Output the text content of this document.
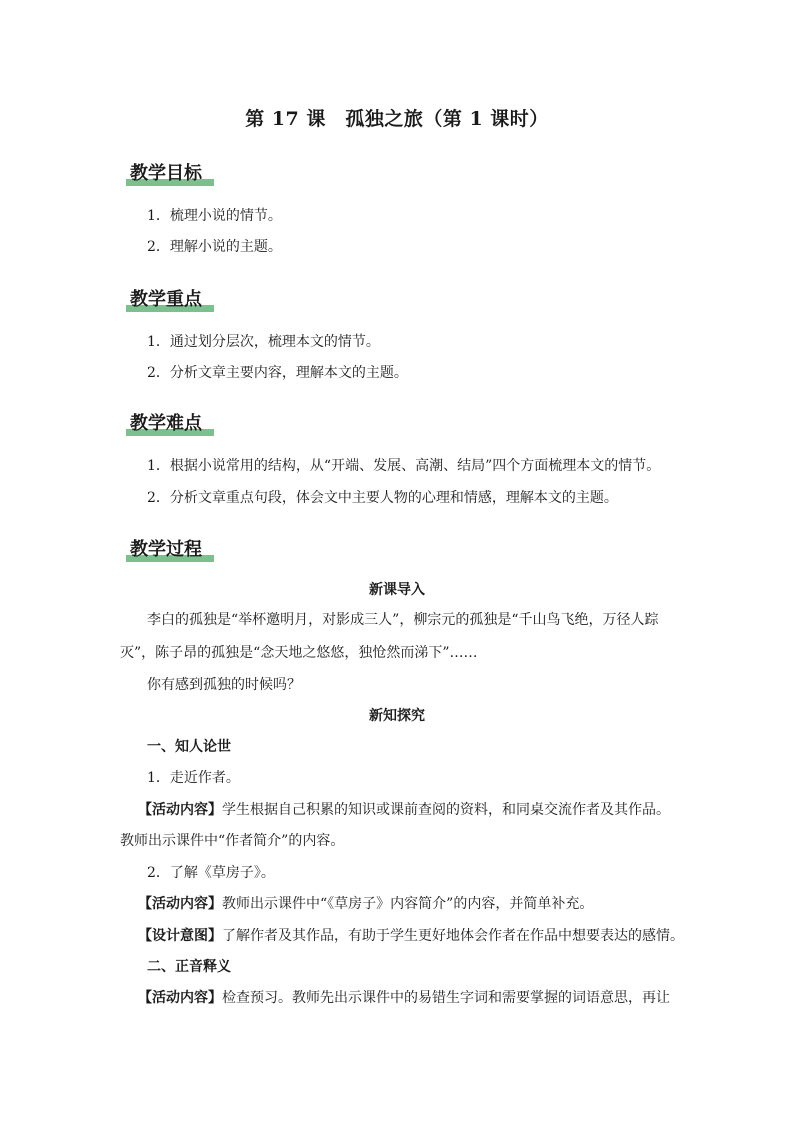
第 17 课　孤独之旅（第 1 课时）
教学目标
1．梳理小说的情节。
2．理解小说的主题。
教学重点
1．通过划分层次，梳理本文的情节。
2．分析文章主要内容，理解本文的主题。
教学难点
1．根据小说常用的结构，从“开端、发展、高潮、结局”四个方面梳理本文的情节。
2．分析文章重点句段，体会文中主要人物的心理和情感，理解本文的主题。
教学过程
新课导入
李白的孤独是“举杯邀明月，对影成三人”，柳宗元的孤独是“千山鸟飞绝，万径人踪
灭”，陈子昂的孤独是“念天地之悠悠，独怆然而涕下”……
你有感到孤独的时候吗？
新知探究
一、知人论世
1．走近作者。
【活动内容】学生根据自己积累的知识或课前查阅的资料，和同桌交流作者及其作品。
教师出示课件中“作者简介”的内容。
2．了解《草房子》。
【活动内容】教师出示课件中“《草房子》内容简介”的内容，并简单补充。
【设计意图】了解作者及其作品，有助于学生更好地体会作者在作品中想要表达的感情。
二、正音释义
【活动内容】检查预习。教师先出示课件中的易错生字词和需要掌握的词语意思，再让
